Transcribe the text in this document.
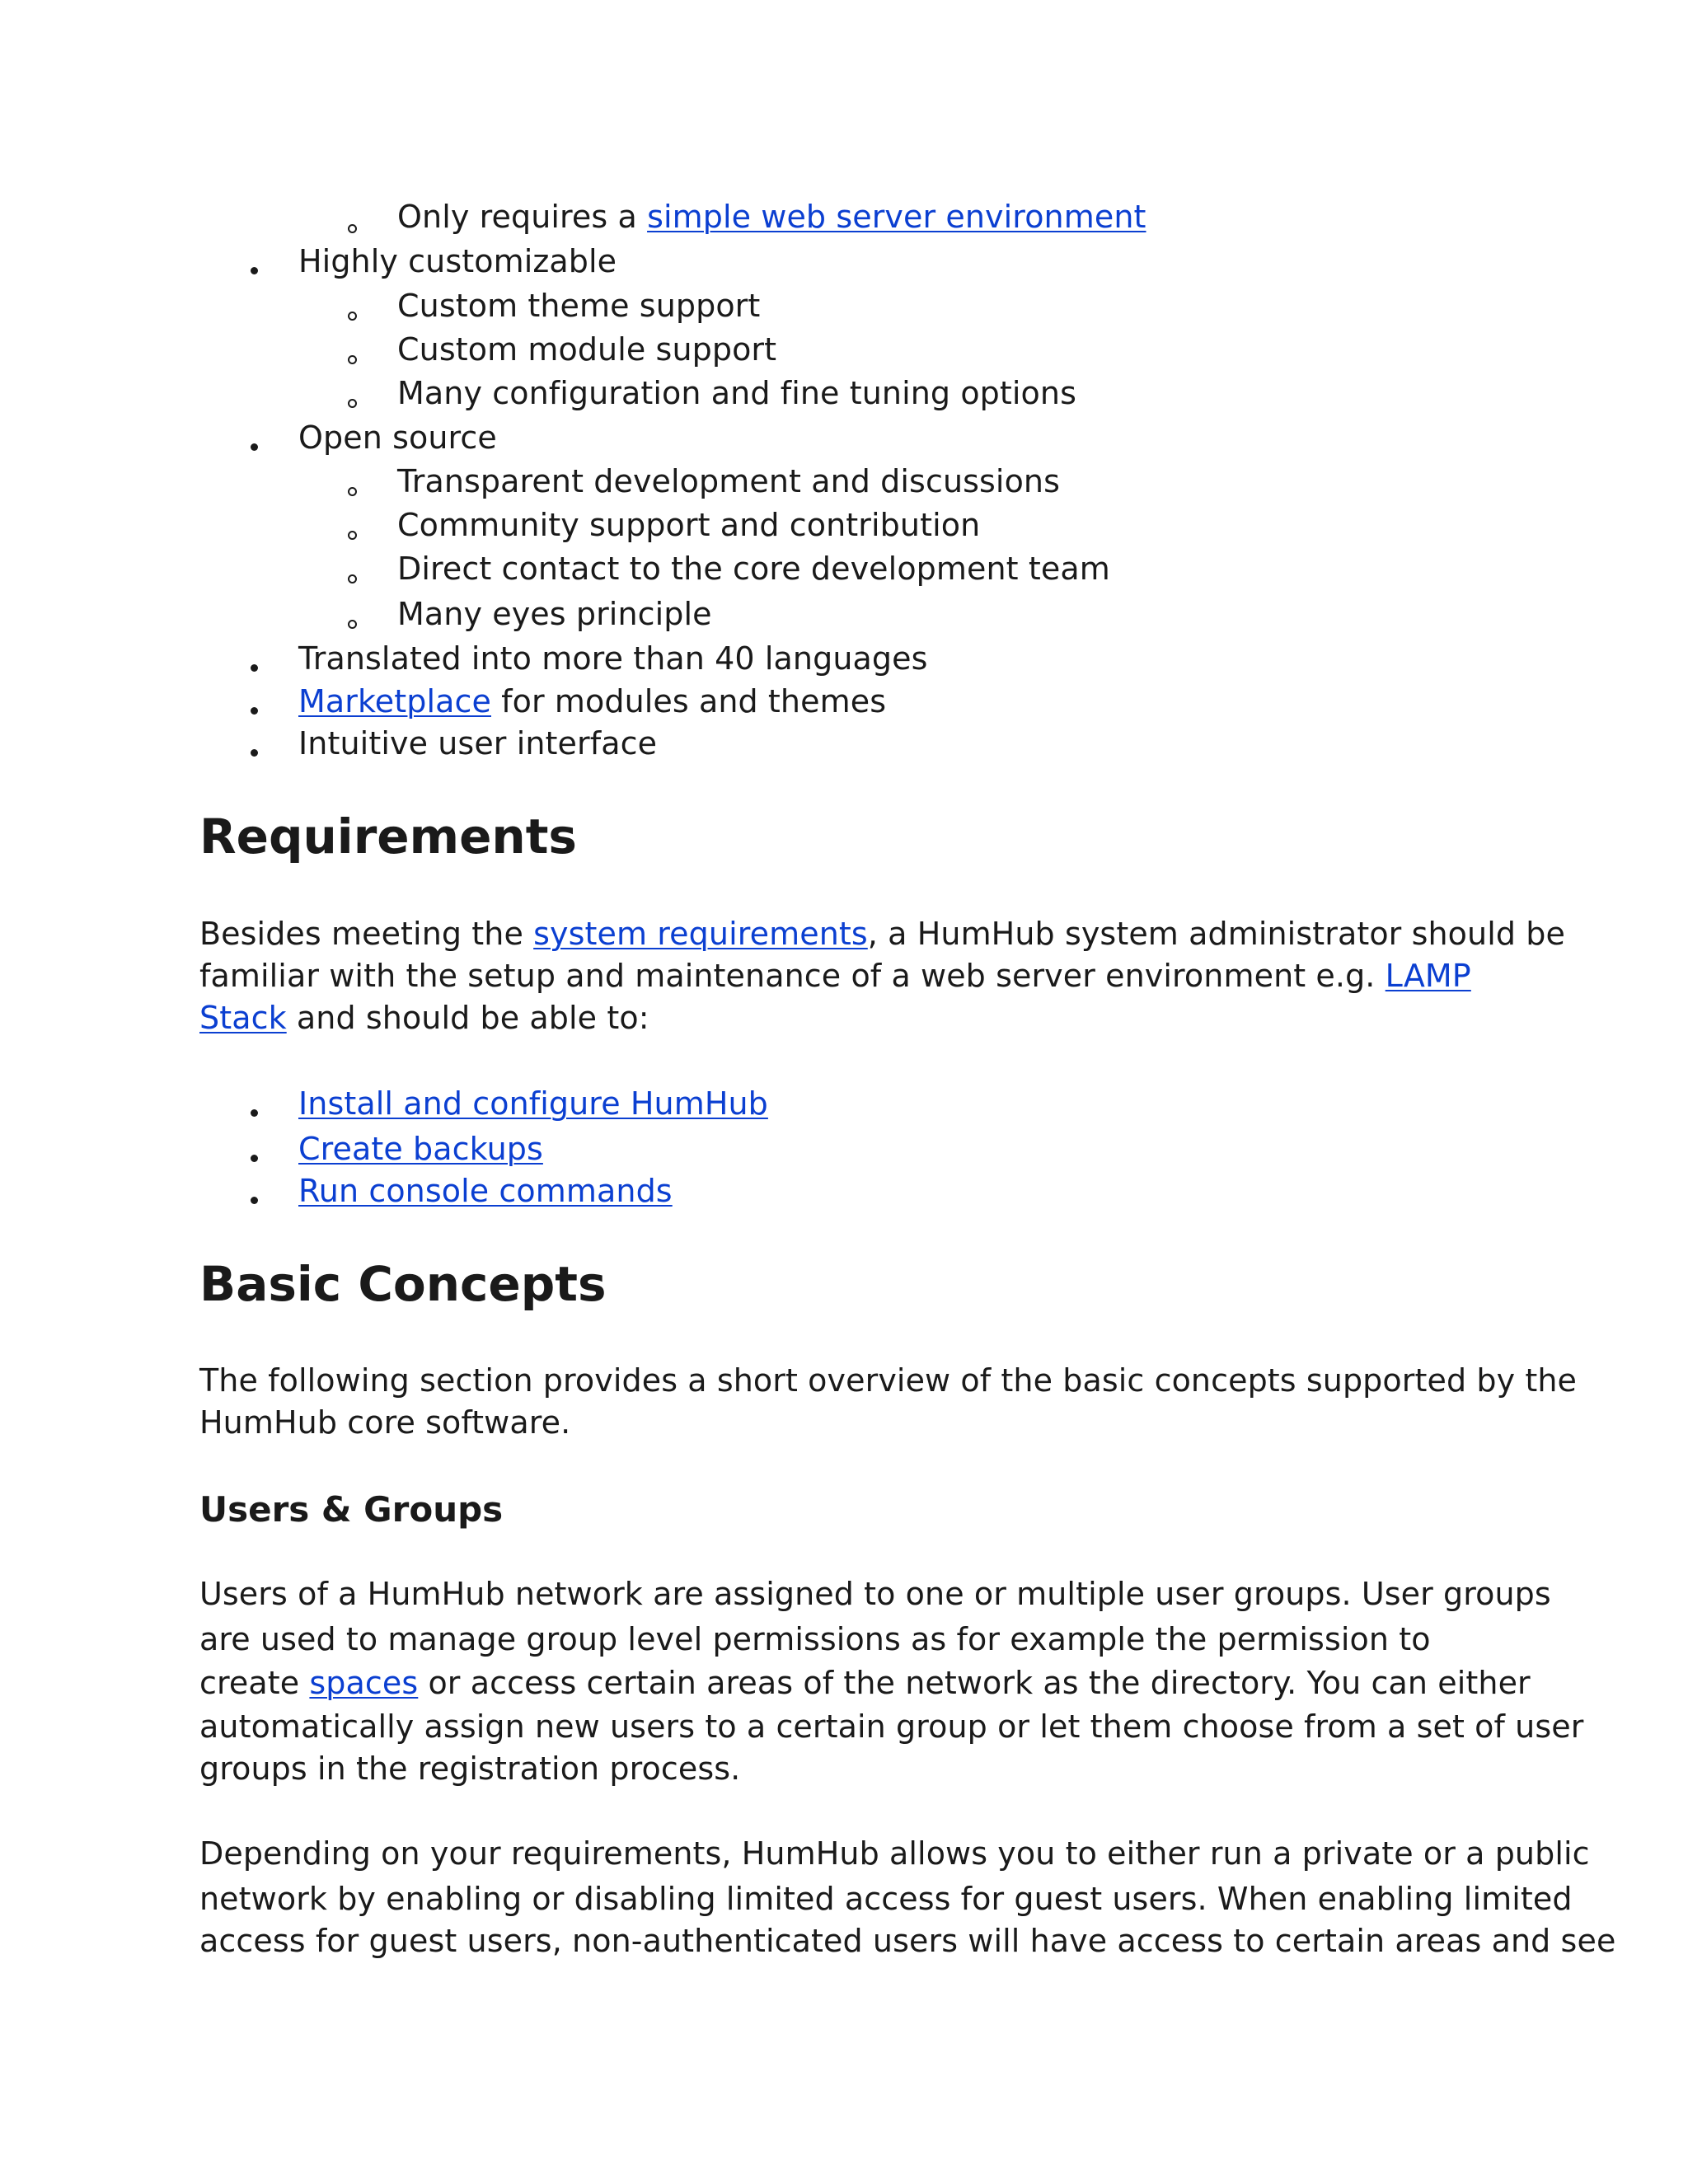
Only requires a simple web server environment
Highly customizable
Custom theme support
Custom module support
Many configuration and fine tuning options
Open source
Transparent development and discussions
Community support and contribution
Direct contact to the core development team
Many eyes principle
Translated into more than 40 languages
Marketplace for modules and themes
Intuitive user interface
Requirements
Besides meeting the system requirements, a HumHub system administrator should be
familiar with the setup and maintenance of a web server environment e.g. LAMP
Stack and should be able to:
Install and configure HumHub
Create backups
Run console commands
Basic Concepts
The following section provides a short overview of the basic concepts supported by the
HumHub core software.
Users & Groups
Users of a HumHub network are assigned to one or multiple user groups. User groups
are used to manage group level permissions as for example the permission to
create spaces or access certain areas of the network as the directory. You can either
automatically assign new users to a certain group or let them choose from a set of user
groups in the registration process.
Depending on your requirements, HumHub allows you to either run a private or a public
network by enabling or disabling limited access for guest users. When enabling limited
access for guest users, non-authenticated users will have access to certain areas and see
